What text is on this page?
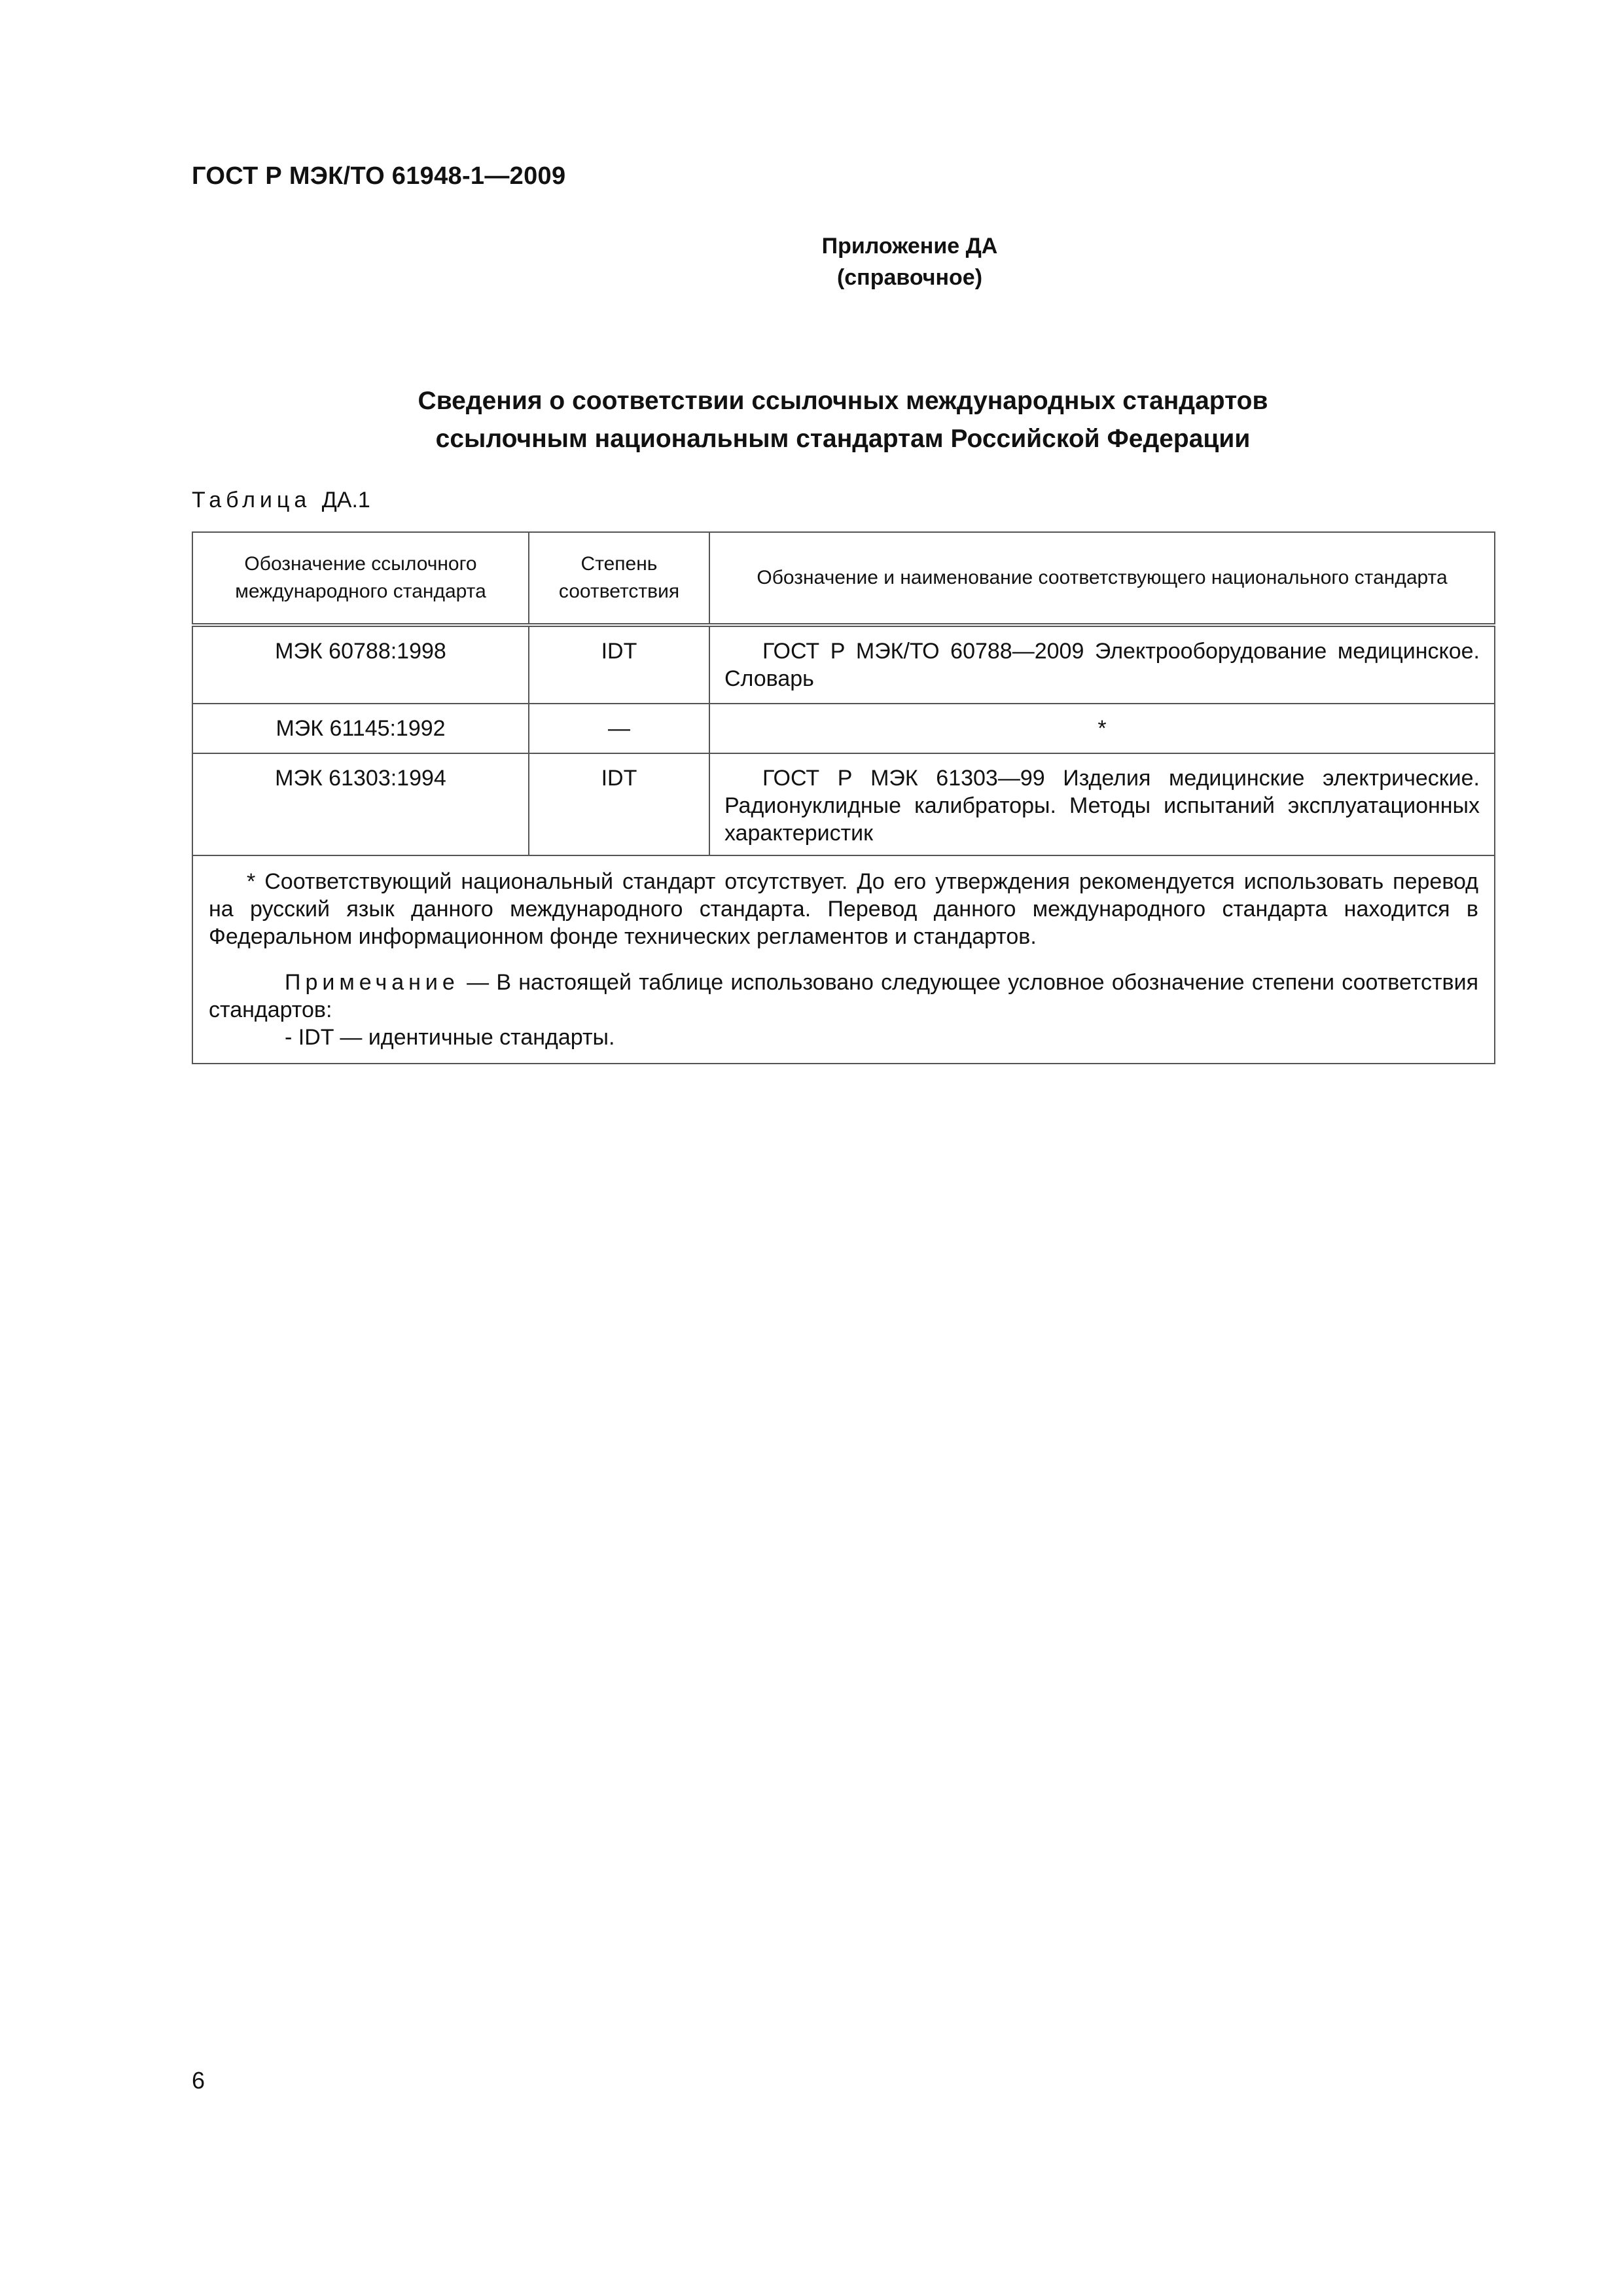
ГОСТ Р МЭК/ТО 61948-1—2009
Приложение ДА
(справочное)
Сведения о соответствии ссылочных международных стандартов
ссылочным национальным стандартам Российской Федерации
Таблица ДА.1
Обозначение ссылочного международного стандарта	Степень соответствия	Обозначение и наименование соответствующего национального стандарта
МЭК 60788:1998	IDT	ГОСТ Р МЭК/ТО 60788—2009 Электрооборудование медицинское. Словарь
МЭК 61145:1992	—	*
МЭК 61303:1994	IDT	ГОСТ Р МЭК 61303—99 Изделия медицинские электрические. Радионуклидные калибраторы. Методы испытаний эксплуатационных характеристик

* Соответствующий национальный стандарт отсутствует. До его утверждения рекомендуется использовать перевод на русский язык данного международного стандарта. Перевод данного международного стандарта находится в Федеральном информационном фонде технических регламентов и стандартов.

Примечание — В настоящей таблице использовано следующее условное обозначение степени соответствия стандартов:

- IDT — идентичные стандарты.		

6
